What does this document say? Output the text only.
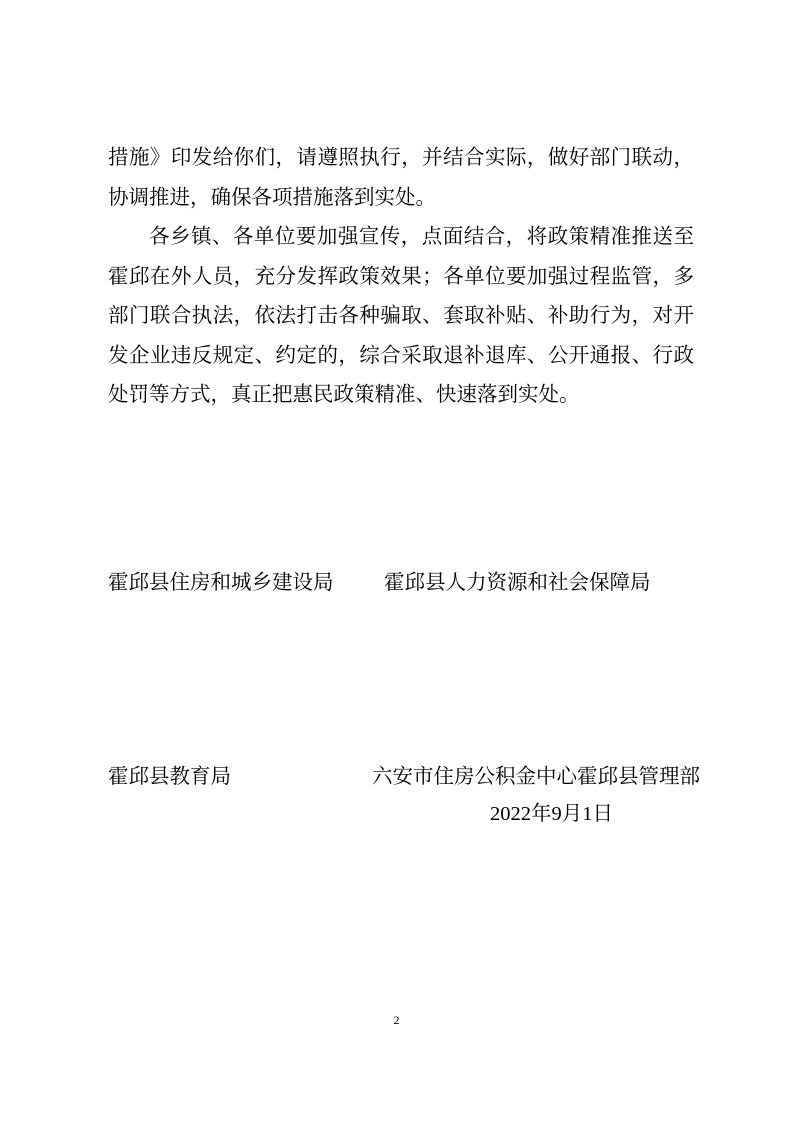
措施》印发给你们，请遵照执行，并结合实际，做好部门联动，协调推进，确保各项措施落到实处。

各乡镇、各单位要加强宣传，点面结合，将政策精准推送至霍邱在外人员，充分发挥政策效果；各单位要加强过程监管，多部门联合执法，依法打击各种骗取、套取补贴、补助行为，对开发企业违反规定、约定的，综合采取退补退库、公开通报、行政处罚等方式，真正把惠民政策精准、快速落到实处。

霍邱县住房和城乡建设局 霍邱县人力资源和社会保障局
霍邱县教育局	六安市住房公积金中心霍邱县管理部
2022年9月1日
2
